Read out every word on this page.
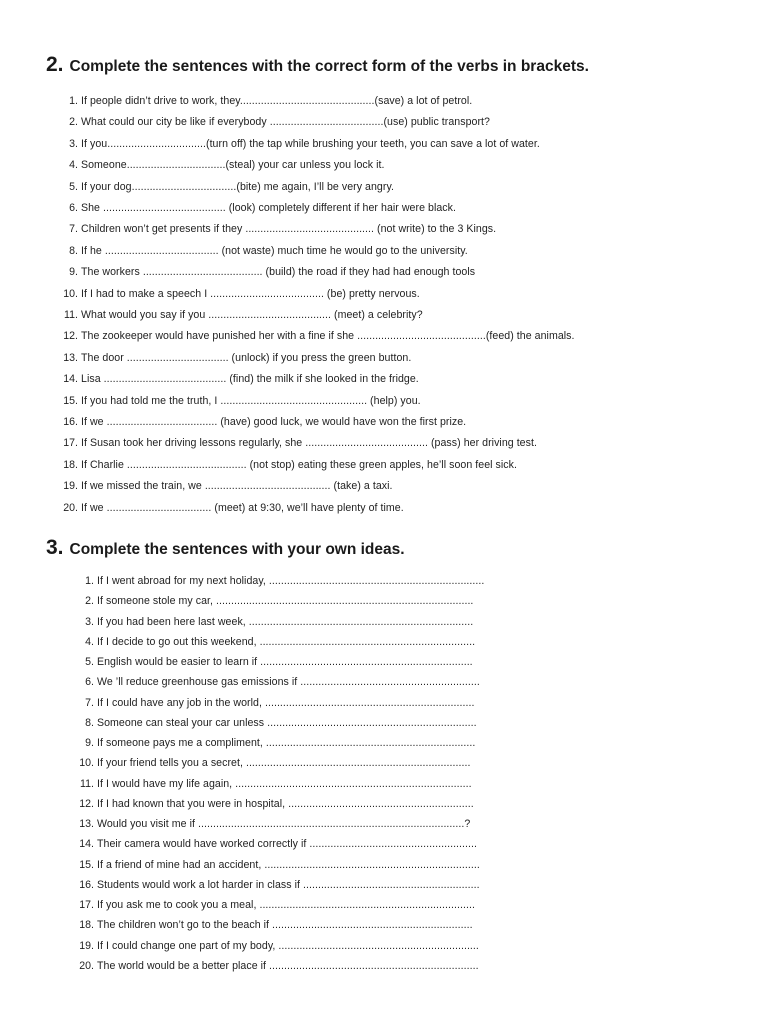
2. Complete the sentences with the correct form of the verbs in brackets.
1. If people didn’t drive to work, they.............................................(save) a lot of petrol.
2. What could our city be like if everybody ......................................(use) public transport?
3. If you.................................(turn off) the tap while brushing your teeth, you can save a lot of water.
4. Someone.................................(steal) your car unless you lock it.
5. If your dog...................................(bite) me again, I’ll be very angry.
6. She ......................................... (look) completely different if her hair were black.
7. Children won’t get presents if they ........................................... (not write) to the 3 Kings.
8. If he ...................................... (not waste) much time he would go to the university.
9. The workers ........................................ (build) the road if they had had enough tools
10. If I had to make a speech I ...................................... (be) pretty nervous.
11. What would you say if you ......................................... (meet) a celebrity?
12. The zookeeper would have punished her with a fine if she ...........................................(feed) the animals.
13. The door .................................. (unlock) if you press the green button.
14. Lisa ......................................... (find) the milk if she looked in the fridge.
15. If you had told me the truth, I ................................................. (help) you.
16. If we ..................................... (have) good luck, we would have won the first prize.
17. If Susan took her driving lessons regularly, she ......................................... (pass) her driving test.
18. If Charlie ........................................ (not stop) eating these green apples, he’ll soon feel sick.
19. If we missed the train, we .......................................... (take) a taxi.
20. If we ................................... (meet) at 9:30, we’ll have plenty of time.
3. Complete the sentences with your own ideas.
1. If I went abroad for my next holiday, ........................................................................
2. If someone stole my car, ......................................................................................
3. If you had been here last week, ...........................................................................
4. If I decide to go out this weekend, ........................................................................
5. English would be easier to learn if .......................................................................
6. We ’ll reduce greenhouse gas emissions if ............................................................
7. If I could have any job in the world, ......................................................................
8. Someone can steal your car unless ......................................................................
9. If someone pays me a compliment, ......................................................................
10. If your friend tells you a secret, ...........................................................................
11. If I would have my life again, ...............................................................................
12. If I had known that you were in hospital, ..............................................................
13. Would you visit me if .........................................................................................?
14. Their camera would have worked correctly if ........................................................
15. If a friend of mine had an accident, ........................................................................
16. Students would work a lot harder in class if ...........................................................
17. If you ask me to cook you a meal, ........................................................................
18. The children won’t go to the beach if ...................................................................
19. If I could change one part of my body, ...................................................................
20. The world would be a better place if ......................................................................
